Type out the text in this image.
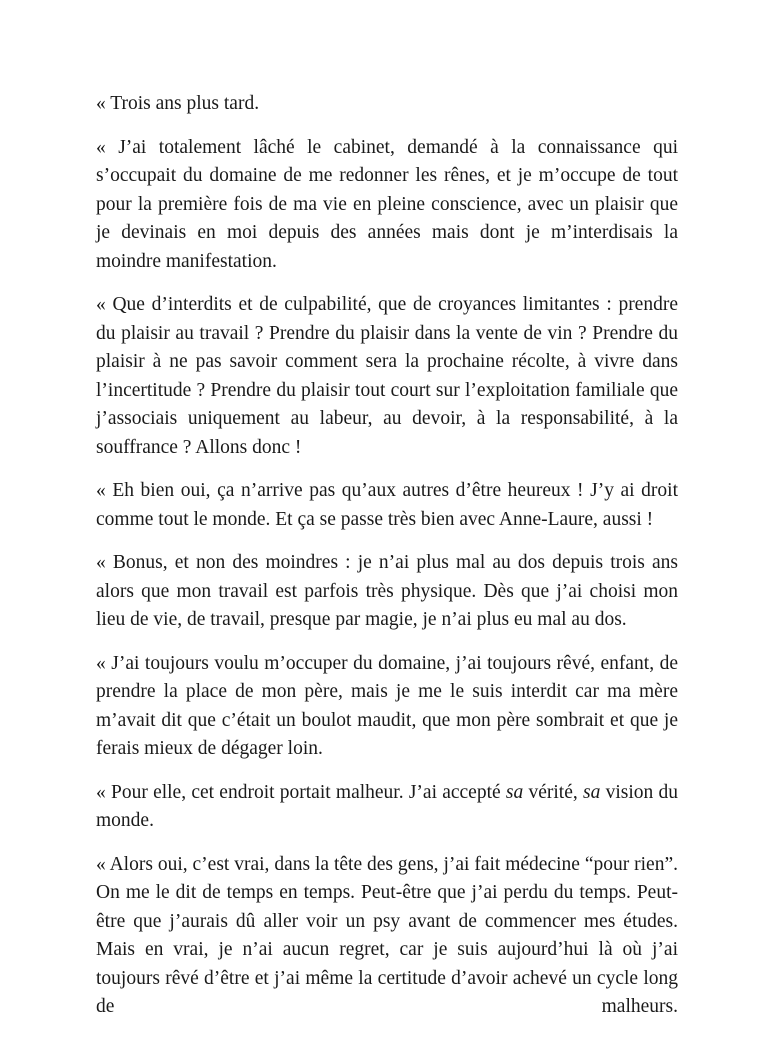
« Trois ans plus tard.

« J’ai totalement lâché le cabinet, demandé à la connaissance qui s’occupait du domaine de me redonner les rênes, et je m’occupe de tout pour la première fois de ma vie en pleine conscience, avec un plaisir que je devinais en moi depuis des années mais dont je m’interdisais la moindre manifestation.

« Que d’interdits et de culpabilité, que de croyances limitantes : prendre du plaisir au travail ? Prendre du plaisir dans la vente de vin ? Prendre du plaisir à ne pas savoir comment sera la prochaine récolte, à vivre dans l’incertitude ? Prendre du plaisir tout court sur l’exploitation familiale que j’associais uniquement au labeur, au devoir, à la responsabilité, à la souffrance ? Allons donc !

« Eh bien oui, ça n’arrive pas qu’aux autres d’être heureux ! J’y ai droit comme tout le monde. Et ça se passe très bien avec Anne-Laure, aussi !

« Bonus, et non des moindres : je n’ai plus mal au dos depuis trois ans alors que mon travail est parfois très physique. Dès que j’ai choisi mon lieu de vie, de travail, presque par magie, je n’ai plus eu mal au dos.

« J’ai toujours voulu m’occuper du domaine, j’ai toujours rêvé, enfant, de prendre la place de mon père, mais je me le suis interdit car ma mère m’avait dit que c’était un boulot maudit, que mon père sombrait et que je ferais mieux de dégager loin.

« Pour elle, cet endroit portait malheur. J’ai accepté sa vérité, sa vision du monde.

« Alors oui, c’est vrai, dans la tête des gens, j’ai fait médecine “pour rien”. On me le dit de temps en temps. Peut-être que j’ai perdu du temps. Peut-être que j’aurais dû aller voir un psy avant de commencer mes études. Mais en vrai, je n’ai aucun regret, car je suis aujourd’hui là où j’ai toujours rêvé d’être et j’ai même la certitude d’avoir achevé un cycle long de malheurs.
